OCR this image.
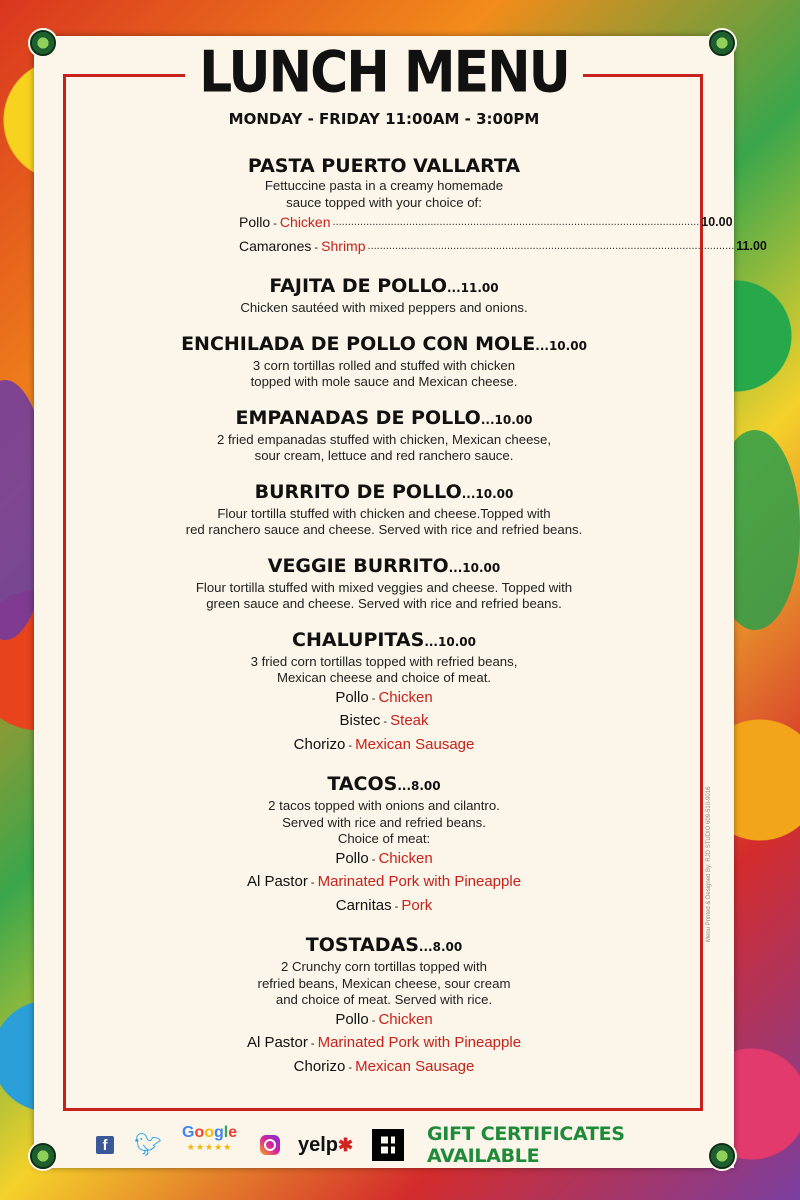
LUNCH MENU
MONDAY - FRIDAY 11:00AM - 3:00PM
PASTA PUERTO VALLARTA
Fettuccine pasta in a creamy homemade
sauce topped with your choice of:
Pollo - Chicken ........................................................................................................................ 10.00
Camarones - Shrimp ........................................................................................................................ 11.00
FAJITA DE POLLO...11.00
Chicken sautéed with mixed peppers and onions.
ENCHILADA DE POLLO CON MOLE...10.00
3 corn tortillas rolled and stuffed with chicken
topped with mole sauce and Mexican cheese.
EMPANADAS DE POLLO...10.00
2 fried empanadas stuffed with chicken, Mexican cheese,
sour cream, lettuce and red ranchero sauce.
BURRITO DE POLLO...10.00
Flour tortilla stuffed with chicken and cheese.Topped with
red ranchero sauce and cheese. Served with rice and refried beans.
VEGGIE BURRITO...10.00
Flour tortilla stuffed with mixed veggies and cheese. Topped with
green sauce and cheese. Served with rice and refried beans.
CHALUPITAS...10.00
3 fried corn tortillas topped with refried beans,
Mexican cheese and choice of meat.
Pollo - Chicken
Bistec - Steak
Chorizo - Mexican Sausage
TACOS...8.00
2 tacos topped with onions and cilantro.
Served with rice and refried beans.
Choice of meat:
Pollo - Chicken
Al Pastor - Marinated Pork with Pineapple
Carnitas - Pork
TOSTADAS...8.00
2 Crunchy corn tortillas topped with
refried beans, Mexican cheese, sour cream
and choice of meat. Served with rice.
Pollo - Chicken
Al Pastor - Marinated Pork with Pineapple
Chorizo - Mexican Sausage
f 🐦︎ Google
★★★★★	yelp ✱	GIFT CERTIFICATES AVAILABLE
Menu Printed & Designed By: RJD STUDIO 609-510-9016
